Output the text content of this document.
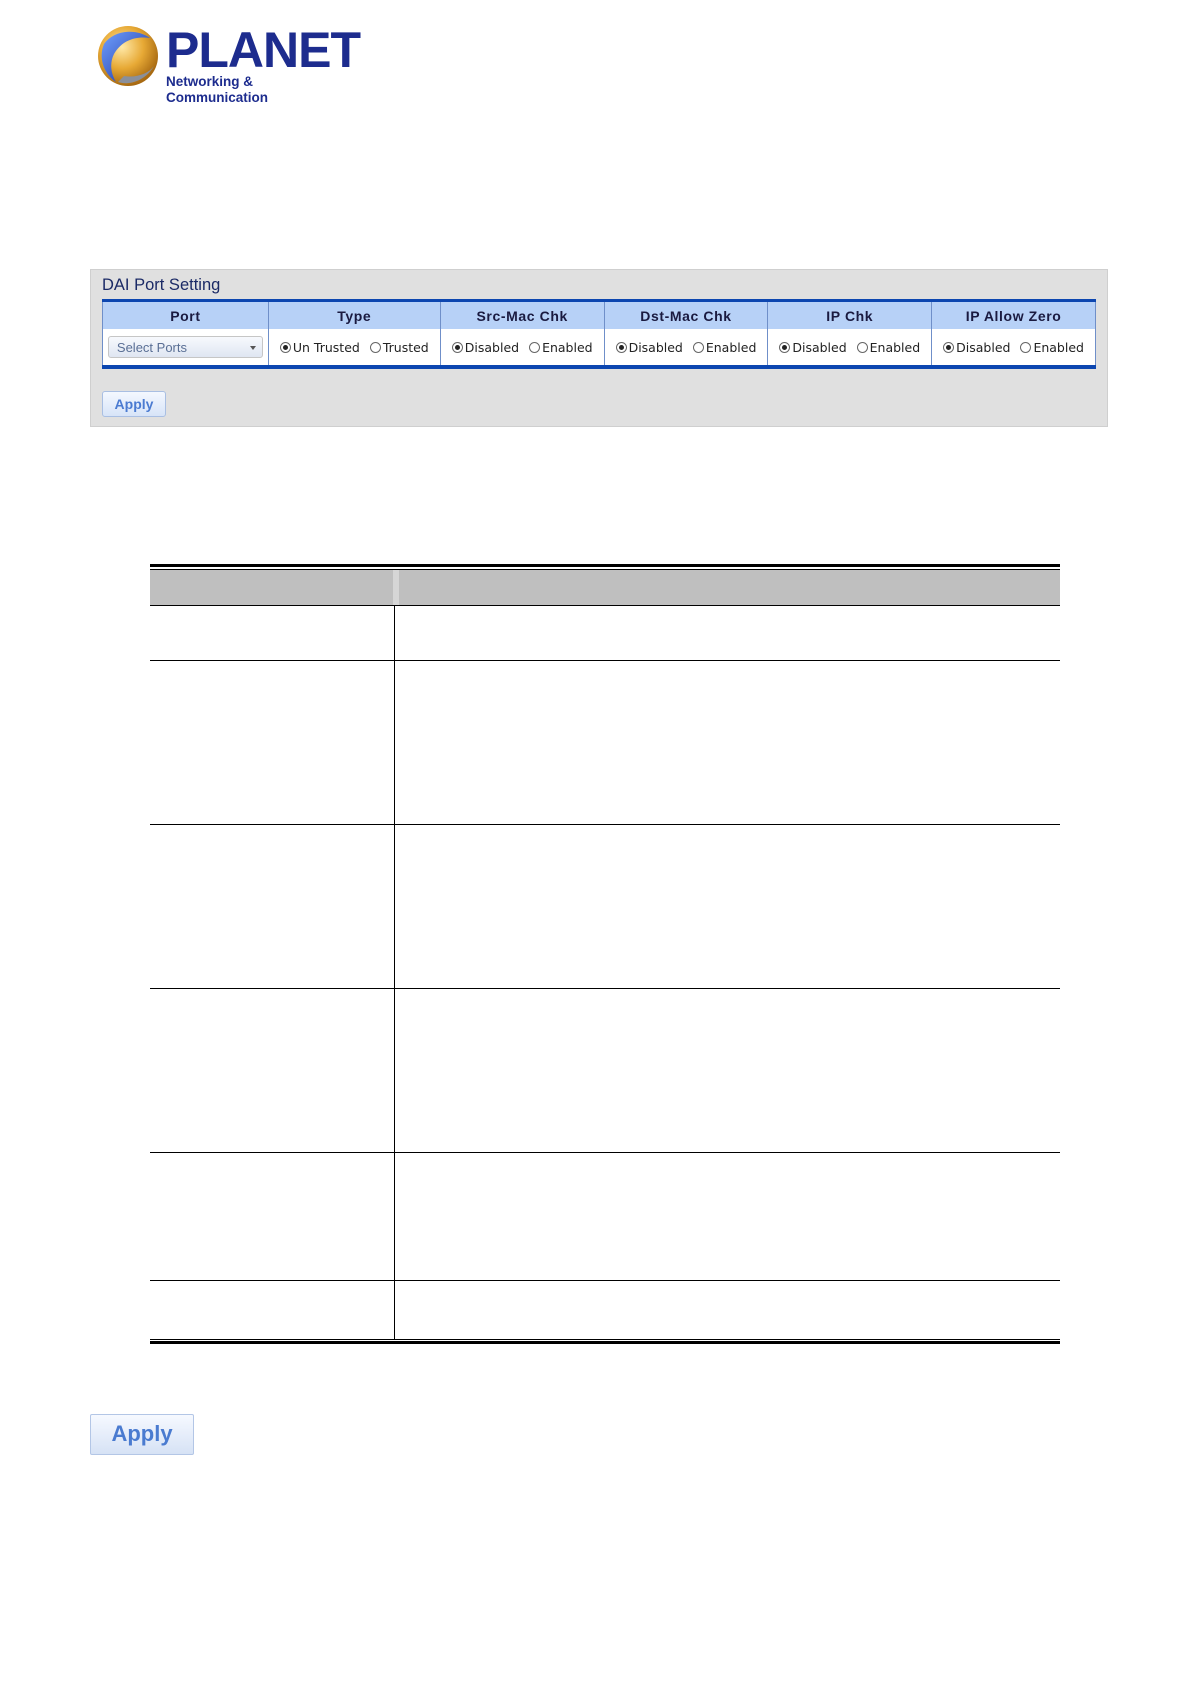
PLANET
Networking & Communication
DAI Port Setting
Port	Type	Src-Mac Chk	Dst-Mac Chk	IP Chk	IP Allow Zero

Select Ports	Un Trusted Trusted	Disabled Enabled	Disabled Enabled	Disabled Enabled	Disabled Enabled
Apply
Apply
